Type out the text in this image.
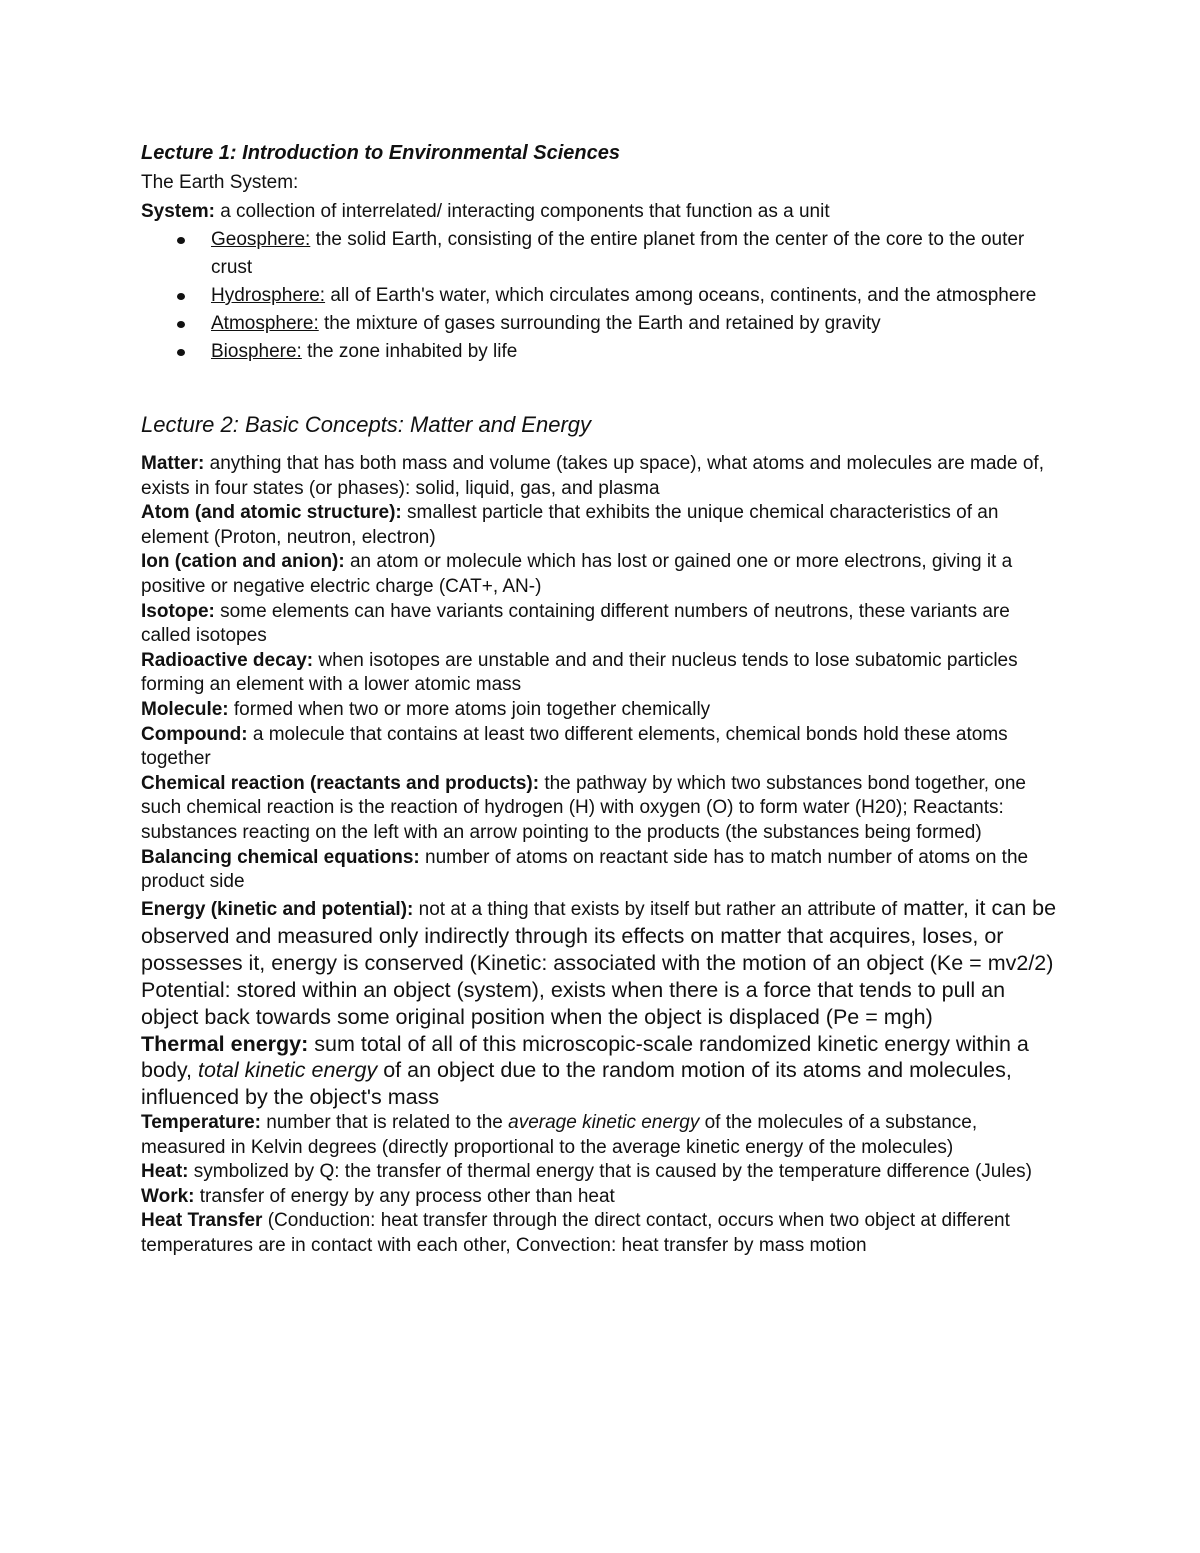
Lecture 1: Introduction to Environmental Sciences

The Earth System:

System: a collection of interrelated/ interacting components that function as a unit

Geosphere: the solid Earth, consisting of the entire planet from the center of the core to the outer crust
Hydrosphere: all of Earth's water, which circulates among oceans, continents, and the atmosphere
Atmosphere: the mixture of gases surrounding the Earth and retained by gravity
Biosphere: the zone inhabited by life

Lecture 2: Basic Concepts: Matter and Energy

Matter: anything that has both mass and volume (takes up space), what atoms and molecules are made of, exists in four states (or phases): solid, liquid, gas, and plasma

Atom (and atomic structure): smallest particle that exhibits the unique chemical characteristics of an element (Proton, neutron, electron)

Ion (cation and anion): an atom or molecule which has lost or gained one or more electrons, giving it a positive or negative electric charge (CAT+, AN-)

Isotope: some elements can have variants containing different numbers of neutrons, these variants are called isotopes

Radioactive decay: when isotopes are unstable and and their nucleus tends to lose subatomic particles forming an element with a lower atomic mass

Molecule: formed when two or more atoms join together chemically

Compound: a molecule that contains at least two different elements, chemical bonds hold these atoms together

Chemical reaction (reactants and products): the pathway by which two substances bond together, one such chemical reaction is the reaction of hydrogen (H) with oxygen (O) to form water (H20); Reactants: substances reacting on the left with an arrow pointing to the products (the substances being formed)

Balancing chemical equations: number of atoms on reactant side has to match number of atoms on the product side

Energy (kinetic and potential): not at a thing that exists by itself but rather an attribute of matter, it can be observed and measured only indirectly through its effects on matter that acquires, loses, or possesses it, energy is conserved (Kinetic: associated with the motion of an object (Ke = mv2/2) Potential: stored within an object (system), exists when there is a force that tends to pull an object back towards some original position when the object is displaced (Pe = mgh)

Thermal energy: sum total of all of this microscopic-scale randomized kinetic energy within a body, total kinetic energy of an object due to the random motion of its atoms and molecules, influenced by the object's mass

Temperature: number that is related to the average kinetic energy of the molecules of a substance, measured in Kelvin degrees (directly proportional to the average kinetic energy of the molecules)

Heat: symbolized by Q: the transfer of thermal energy that is caused by the temperature difference (Jules)

Work: transfer of energy by any process other than heat

Heat Transfer (Conduction: heat transfer through the direct contact, occurs when two object at different temperatures are in contact with each other, Convection: heat transfer by mass motion
